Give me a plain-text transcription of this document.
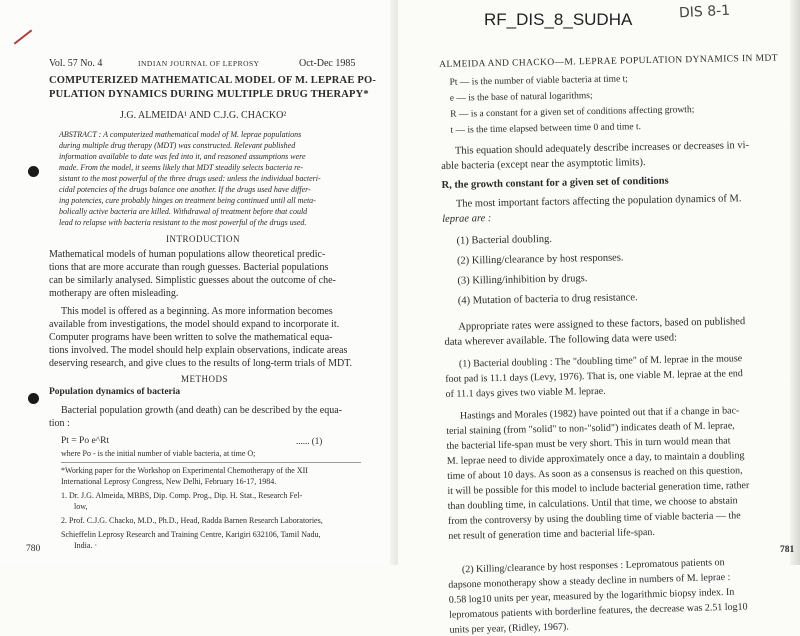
Vol. 57 No. 4	INDIAN JOURNAL OF LEPROSY	Oct-Dec 1985

COMPUTERIZED MATHEMATICAL MODEL OF M. LEPRAE PO-

PULATION DYNAMICS DURING MULTIPLE DRUG THERAPY*

J.G. ALMEIDA¹ AND C.J.G. CHACKO²

ABSTRACT : A computerized mathematical model of M. leprae populations

during multiple drug therapy (MDT) was constructed. Relevant published

information available to date was fed into it, and reasoned assumptions were

made. From the model, it seems likely that MDT steadily selects bacteria re-

sistant to the most powerful of the three drugs used: unless the individual bacteri-

cidal potencies of the drugs balance one another. If the drugs used have differ-

ing potencies, cure probably hinges on treatment being continued until all meta-

bolically active bacteria are killed. Withdrawal of treatment before that could

lead to relapse with bacteria resistant to the most powerful of the drugs used.

INTRODUCTION

Mathematical models of human populations allow theoretical predic-

tions that are more accurate than rough guesses. Bacterial populations

can be similarly analysed. Simplistic guesses about the outcome of che-

motherapy are often misleading.

This model is offered as a beginning. As more information becomes

available from investigations, the model should expand to incorporate it.

Computer programs have been written to solve the mathematical equa-

tions involved. The model should help explain observations, indicate areas

deserving research, and give clues to the results of long-term trials of MDT.

METHODS

Population dynamics of bacteria

Bacterial population growth (and death) can be described by the equa-

tion :

Pt = Po e^Rt	...... (1)

where Po - is the initial number of viable bacteria, at time O;

*Working paper for the Workshop on Experimental Chemotherapy of the XII

International Leprosy Congress, New Delhi, February 16-17, 1984.

1. Dr. J.G. Almeida, MBBS, Dip. Comp. Prog., Dip. H. Stat., Research Fel-

low,

2. Prof. C.J.G. Chacko, M.D., Ph.D., Head, Radda Barnen Research Laboratories,

Schieffelin Leprosy Research and Training Centre, Karigiri 632106, Tamil Nadu,

India. ·

780

RF_DIS_8_SUDHA	DIS 8-1

ALMEIDA AND CHACKO—M. LEPRAE POPULATION DYNAMICS IN MDT

Pt — is the number of viable bacteria at time t;

e — is the base of natural logarithms;

R — is a constant for a given set of conditions affecting growth;

t — is the time elapsed between time 0 and time t.

This equation should adequately describe increases or decreases in vi-

able bacteria (except near the asymptotic limits).

R, the growth constant for a given set of conditions

The most important factors affecting the population dynamics of M.

leprae are :

(1) Bacterial doubling.

(2) Killing/clearance by host responses.

(3) Killing/inhibition by drugs.

(4) Mutation of bacteria to drug resistance.

Appropriate rates were assigned to these factors, based on published

data wherever available. The following data were used:

(1) Bacterial doubling : The "doubling time" of M. leprae in the mouse

foot pad is 11.1 days (Levy, 1976). That is, one viable M. leprae at the end

of 11.1 days gives two viable M. leprae.

Hastings and Morales (1982) have pointed out that if a change in bac-

terial staining (from "solid" to non-"solid") indicates death of M. leprae,

the bacterial life-span must be very short. This in turn would mean that

M. leprae need to divide approximately once a day, to maintain a doubling

time of about 10 days. As soon as a consensus is reached on this question,

it will be possible for this model to include bacterial generation time, rather

than doubling time, in calculations. Until that time, we choose to abstain

from the controversy by using the doubling time of viable bacteria — the

net result of generation time and bacterial life-span.

(2) Killing/clearance by host responses : Lepromatous patients on

dapsone monotherapy show a steady decline in numbers of M. leprae :

0.58 log10 units per year, measured by the logarithmic biopsy index. In

lepromatous patients with borderline features, the decrease was 2.51 log10

units per year, (Ridley, 1967).

781
